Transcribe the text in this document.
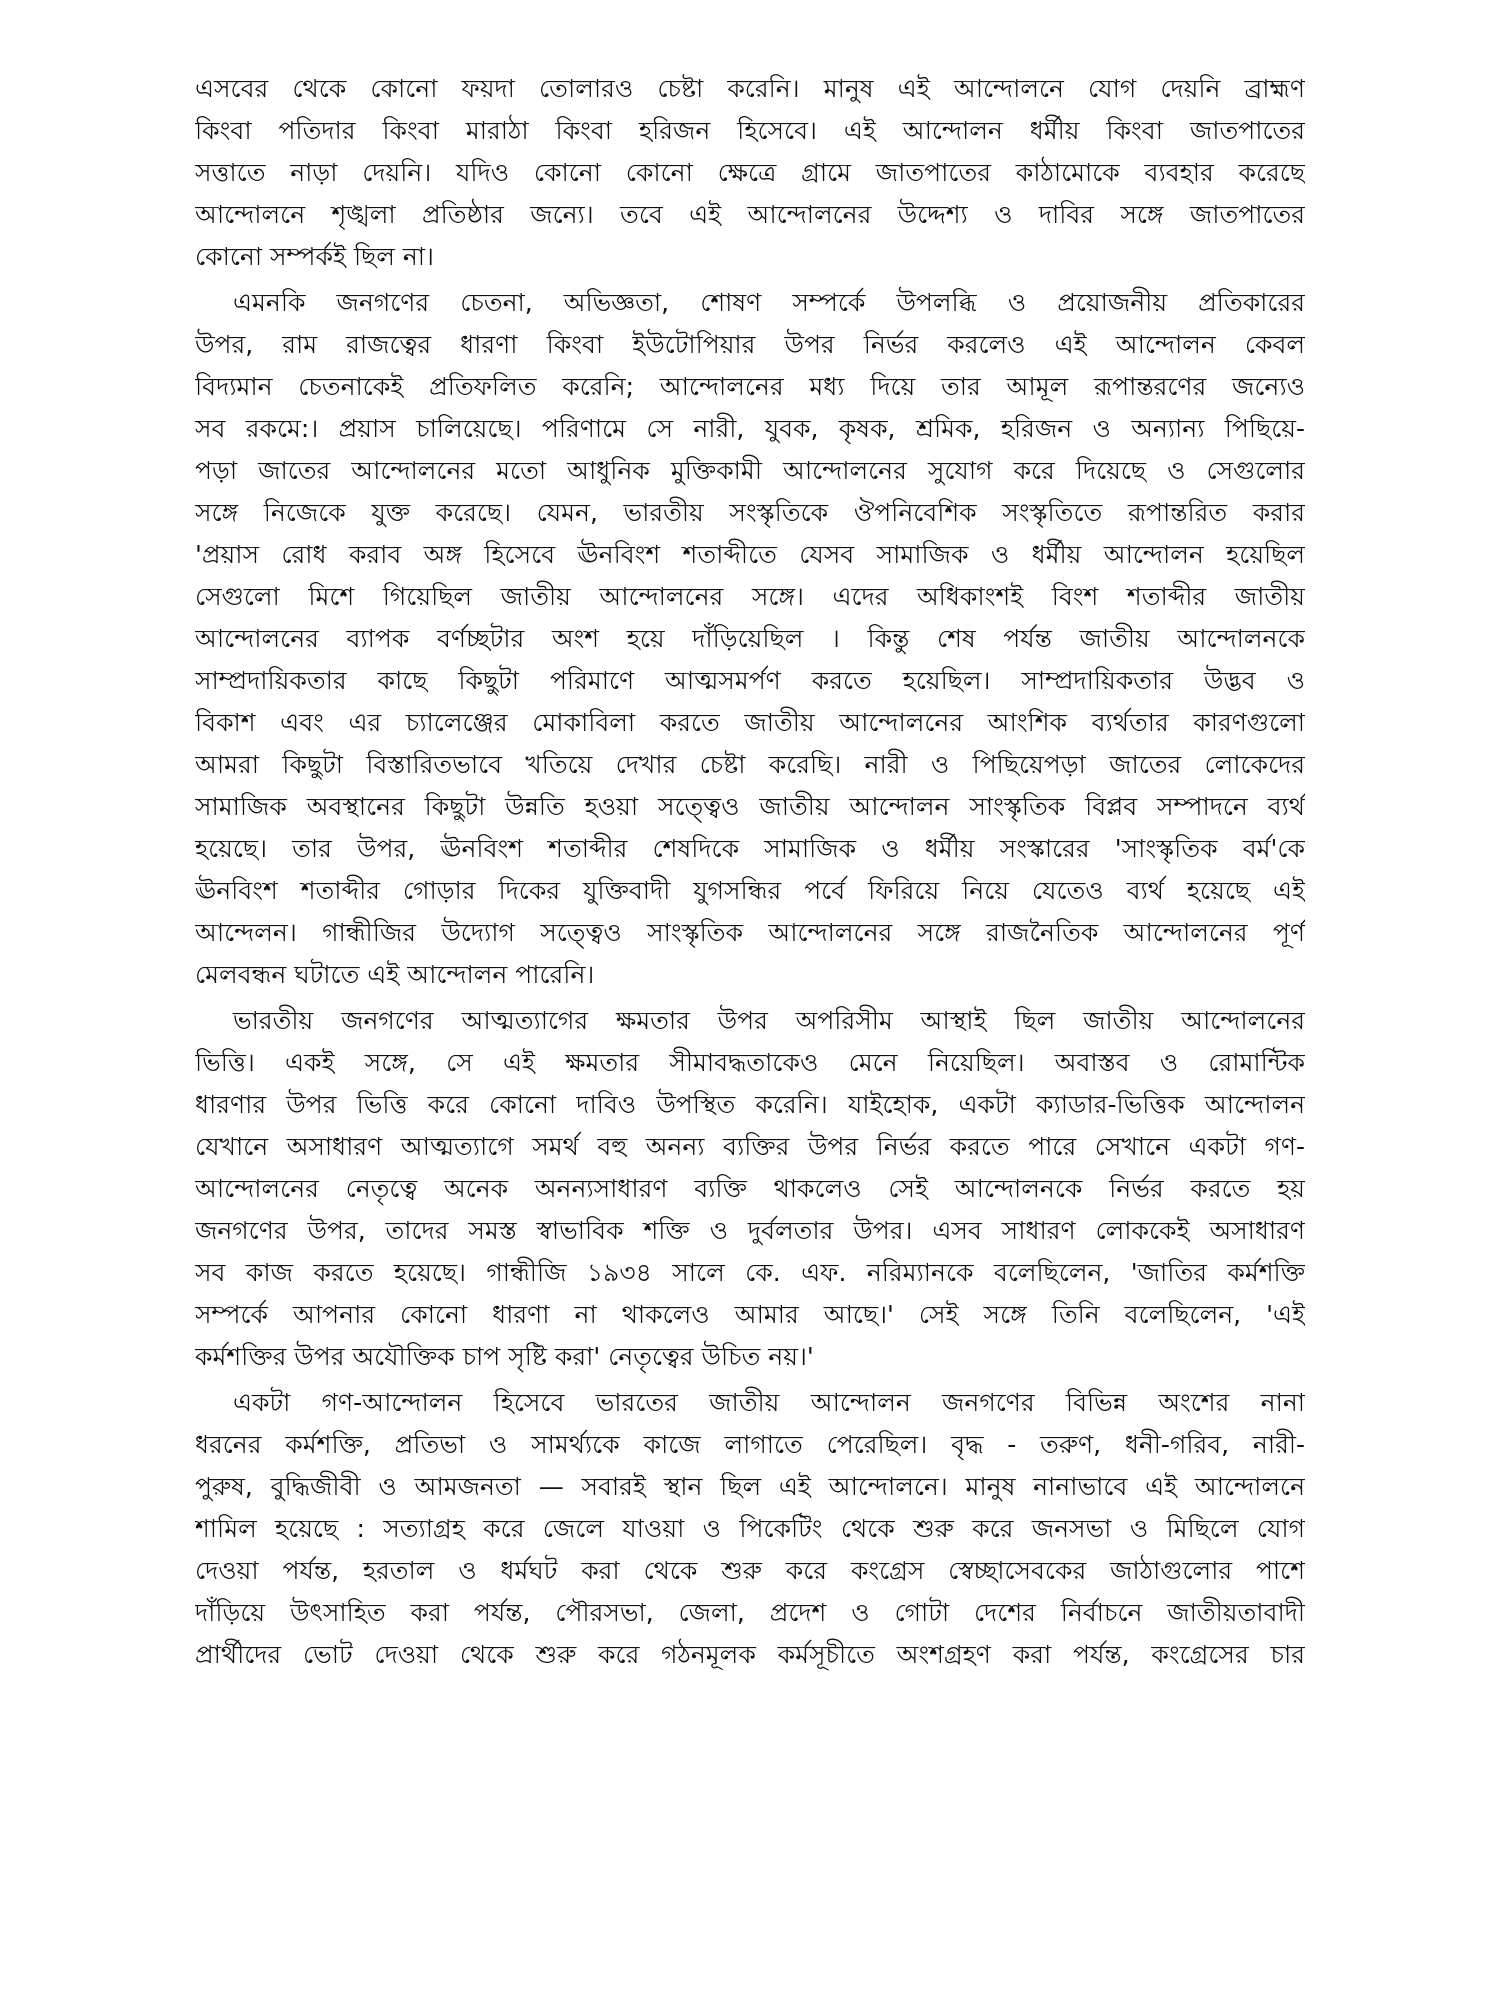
এসবের থেকে কোনো ফয়দা তোলারও চেষ্টা করেনি। মানুষ এই আন্দোলনে যোগ দেয়নি ব্রাহ্মণ
কিংবা পতিদার কিংবা মারাঠা কিংবা হরিজন হিসেবে। এই আন্দোলন ধর্মীয় কিংবা জাতপাতের
সত্তাতে নাড়া দেয়নি। যদিও কোনো কোনো ক্ষেত্রে গ্রামে জাতপাতের কাঠামোকে ব্যবহার করেছে
আন্দোলনে শৃঙ্খলা প্রতিষ্ঠার জন্যে। তবে এই আন্দোলনের উদ্দেশ্য ও দাবির সঙ্গে জাতপাতের
কোনো সম্পর্কই ছিল না।
এমনকি জনগণের চেতনা, অভিজ্ঞতা, শোষণ সম্পর্কে উপলব্ধি ও প্রয়োজনীয় প্রতিকারের
উপর, রাম রাজত্বের ধারণা কিংবা ইউটোপিয়ার উপর নির্ভর করলেও এই আন্দোলন কেবল
বিদ্যমান চেতনাকেই প্রতিফলিত করেনি; আন্দোলনের মধ্য দিয়ে তার আমূল রূপান্তরণের জন্যেও
সব রকমে:। প্রয়াস চালিয়েছে। পরিণামে সে নারী, যুবক, কৃষক, শ্রমিক, হরিজন ও অন্যান্য পিছিয়ে-
পড়া জাতের আন্দোলনের মতো আধুনিক মুক্তিকামী আন্দোলনের সুযোগ করে দিয়েছে ও সেগুলোর
সঙ্গে নিজেকে যুক্ত করেছে। যেমন, ভারতীয় সংস্কৃতিকে ঔপনিবেশিক সংস্কৃতিতে রূপান্তরিত করার
'প্রয়াস রোধ করাব অঙ্গ হিসেবে ঊনবিংশ শতাব্দীতে যেসব সামাজিক ও ধর্মীয় আন্দোলন হয়েছিল
সেগুলো মিশে গিয়েছিল জাতীয় আন্দোলনের সঙ্গে। এদের অধিকাংশই বিংশ শতাব্দীর জাতীয়
আন্দোলনের ব্যাপক বর্ণচ্ছটার অংশ হয়ে দাঁড়িয়েছিল । কিন্তু শেষ পর্যন্ত জাতীয় আন্দোলনকে
সাম্প্রদায়িকতার কাছে কিছুটা পরিমাণে আত্মসমর্পণ করতে হয়েছিল। সাম্প্রদায়িকতার উদ্ভব ও
বিকাশ এবং এর চ্যালেঞ্জের মোকাবিলা করতে জাতীয় আন্দোলনের আংশিক ব্যর্থতার কারণগুলো
আমরা কিছুটা বিস্তারিতভাবে খতিয়ে দেখার চেষ্টা করেছি। নারী ও পিছিয়েপড়া জাতের লোকেদের
সামাজিক অবস্থানের কিছুটা উন্নতি হওয়া সত্ত্বেও জাতীয় আন্দোলন সাংস্কৃতিক বিপ্লব সম্পাদনে ব্যর্থ
হয়েছে। তার উপর, ঊনবিংশ শতাব্দীর শেষদিকে সামাজিক ও ধর্মীয় সংস্কারের 'সাংস্কৃতিক বর্ম'কে
ঊনবিংশ শতাব্দীর গোড়ার দিকের যুক্তিবাদী যুগসন্ধির পর্বে ফিরিয়ে নিয়ে যেতেও ব্যর্থ হয়েছে এই
আন্দেলন। গান্ধীজির উদ্যোগ সত্ত্বেও সাংস্কৃতিক আন্দোলনের সঙ্গে রাজনৈতিক আন্দোলনের পূর্ণ
মেলবন্ধন ঘটাতে এই আন্দোলন পারেনি।
ভারতীয় জনগণের আত্মত্যাগের ক্ষমতার উপর অপরিসীম আস্থাই ছিল জাতীয় আন্দোলনের
ভিত্তি। একই সঙ্গে, সে এই ক্ষমতার সীমাবদ্ধতাকেও মেনে নিয়েছিল। অবাস্তব ও রোমান্টিক
ধারণার উপর ভিত্তি করে কোনো দাবিও উপস্থিত করেনি। যাইহোক, একটা ক্যাডার-ভিত্তিক আন্দোলন
যেখানে অসাধারণ আত্মত্যাগে সমর্থ বহু অনন্য ব্যক্তির উপর নির্ভর করতে পারে সেখানে একটা গণ-
আন্দোলনের নেতৃত্বে অনেক অনন্যসাধারণ ব্যক্তি থাকলেও সেই আন্দোলনকে নির্ভর করতে হয়
জনগণের উপর, তাদের সমস্ত স্বাভাবিক শক্তি ও দুর্বলতার উপর। এসব সাধারণ লোককেই অসাধারণ
সব কাজ করতে হয়েছে। গান্ধীজি ১৯৩৪ সালে কে. এফ. নরিম্যানকে বলেছিলেন, 'জাতির কর্মশক্তি
সম্পর্কে আপনার কোনো ধারণা না থাকলেও আমার আছে।' সেই সঙ্গে তিনি বলেছিলেন, 'এই
কর্মশক্তির উপর অযৌক্তিক চাপ সৃষ্টি করা' নেতৃত্বের উচিত নয়।'
একটা গণ-আন্দোলন হিসেবে ভারতের জাতীয় আন্দোলন জনগণের বিভিন্ন অংশের নানা
ধরনের কর্মশক্তি, প্রতিভা ও সামর্থ্যকে কাজে লাগাতে পেরেছিল। বৃদ্ধ - তরুণ, ধনী-গরিব, নারী-
পুরুষ, বুদ্ধিজীবী ও আমজনতা — সবারই স্থান ছিল এই আন্দোলনে। মানুষ নানাভাবে এই আন্দোলনে
শামিল হয়েছে : সত্যাগ্রহ করে জেলে যাওয়া ও পিকেটিং থেকে শুরু করে জনসভা ও মিছিলে যোগ
দেওয়া পর্যন্ত, হরতাল ও ধর্মঘট করা থেকে শুরু করে কংগ্রেস স্বেচ্ছাসেবকের জাঠাগুলোর পাশে
দাঁড়িয়ে উৎসাহিত করা পর্যন্ত, পৌরসভা, জেলা, প্রদেশ ও গোটা দেশের নির্বাচনে জাতীয়তাবাদী
প্রার্থীদের ভোট দেওয়া থেকে শুরু করে গঠনমূলক কর্মসূচীতে অংশগ্রহণ করা পর্যন্ত, কংগ্রেসের চার
